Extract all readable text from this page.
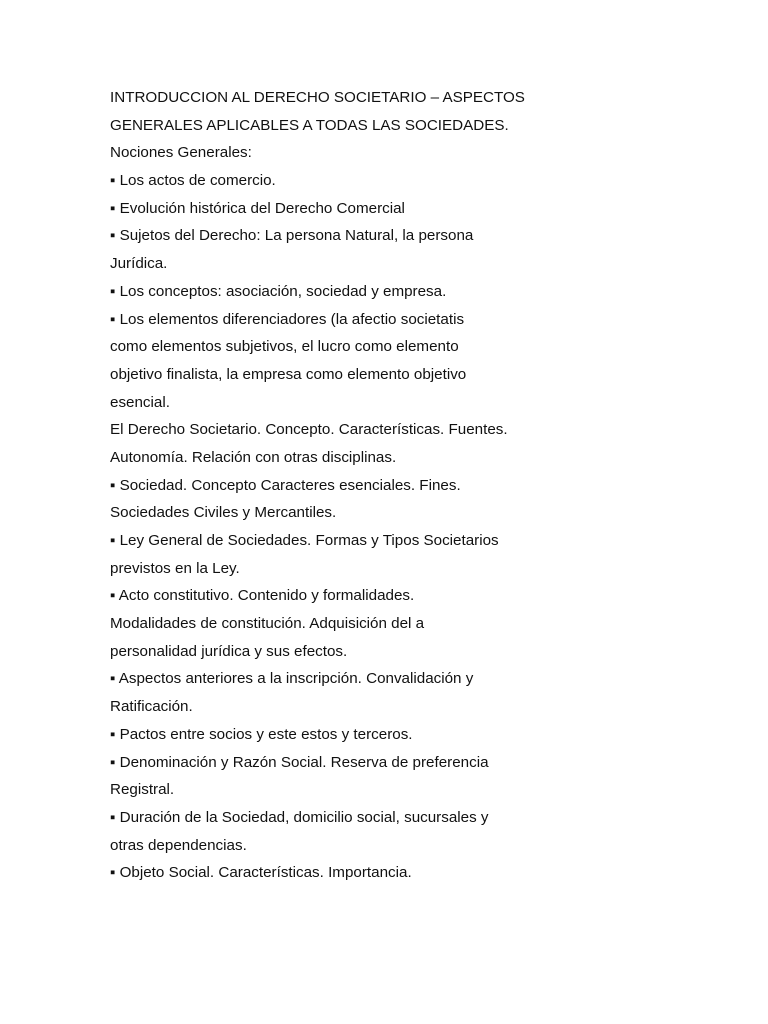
INTRODUCCION AL DERECHO SOCIETARIO – ASPECTOS
GENERALES APLICABLES A TODAS LAS SOCIEDADES.
Nociones Generales:
▪ Los actos de comercio.
▪ Evolución histórica del Derecho Comercial
▪ Sujetos del Derecho: La persona Natural, la persona
Jurídica.
▪ Los conceptos: asociación, sociedad y empresa.
▪ Los elementos diferenciadores (la afectio societatis
como elementos subjetivos, el lucro como elemento
objetivo finalista, la empresa como elemento objetivo
esencial.
El Derecho Societario. Concepto. Características. Fuentes.
Autonomía. Relación con otras disciplinas.
▪ Sociedad. Concepto Caracteres esenciales. Fines.
Sociedades Civiles y Mercantiles.
▪ Ley General de Sociedades. Formas y Tipos Societarios
previstos en la Ley.
▪ Acto constitutivo. Contenido y formalidades.
Modalidades de constitución. Adquisición del a
personalidad jurídica y sus efectos.
▪ Aspectos anteriores a la inscripción. Convalidación y
Ratificación.
▪ Pactos entre socios y este estos y terceros.
▪ Denominación y Razón Social. Reserva de preferencia
Registral.
▪ Duración de la Sociedad, domicilio social, sucursales y
otras dependencias.
▪ Objeto Social. Características. Importancia.
